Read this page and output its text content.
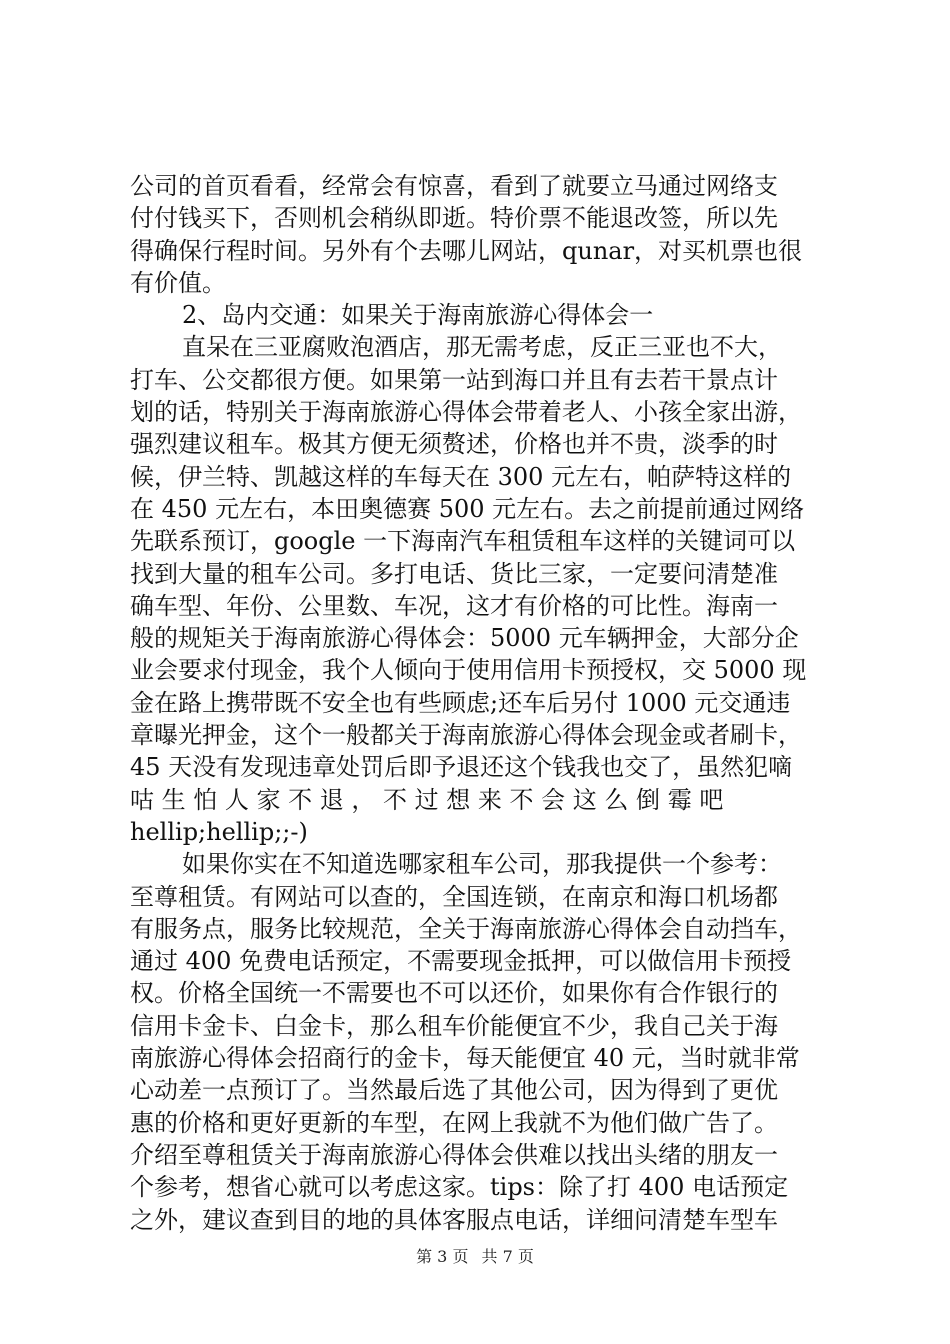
公司的首页看看，经常会有惊喜，看到了就要立马通过网络支
付付钱买下，否则机会稍纵即逝。特价票不能退改签，所以先
得确保行程时间。另外有个去哪儿网站，qunar，对买机票也很
有价值。

2、岛内交通：如果关于海南旅游心得体会一

直呆在三亚腐败泡酒店，那无需考虑，反正三亚也不大，
打车、公交都很方便。如果第一站到海口并且有去若干景点计
划的话，特别关于海南旅游心得体会带着老人、小孩全家出游，
强烈建议租车。极其方便无须赘述，价格也并不贵，淡季的时
候，伊兰特、凯越这样的车每天在 300 元左右，帕萨特这样的
在 450 元左右，本田奥德赛 500 元左右。去之前提前通过网络
先联系预订，google 一下海南汽车租赁租车这样的关键词可以
找到大量的租车公司。多打电话、货比三家，一定要问清楚准
确车型、年份、公里数、车况，这才有价格的可比性。海南一
般的规矩关于海南旅游心得体会：5000 元车辆押金，大部分企
业会要求付现金，我个人倾向于使用信用卡预授权，交 5000 现
金在路上携带既不安全也有些顾虑;还车后另付 1000 元交通违
章曝光押金，这个一般都关于海南旅游心得体会现金或者刷卡，
45 天没有发现违章处罚后即予退还这个钱我也交了，虽然犯嘀
咕 生 怕 人 家 不 退 ， 不 过 想 来 不 会 这 么 倒 霉 吧
hellip;hellip;;-)

如果你实在不知道选哪家租车公司，那我提供一个参考：
至尊租赁。有网站可以查的，全国连锁，在南京和海口机场都
有服务点，服务比较规范，全关于海南旅游心得体会自动挡车，
通过 400 免费电话预定，不需要现金抵押，可以做信用卡预授
权。价格全国统一不需要也不可以还价，如果你有合作银行的
信用卡金卡、白金卡，那么租车价能便宜不少，我自己关于海
南旅游心得体会招商行的金卡，每天能便宜 40 元，当时就非常
心动差一点预订了。当然最后选了其他公司，因为得到了更优
惠的价格和更好更新的车型，在网上我就不为他们做广告了。
介绍至尊租赁关于海南旅游心得体会供难以找出头绪的朋友一
个参考，想省心就可以考虑这家。tips：除了打 400 电话预定
之外，建议查到目的地的具体客服点电话，详细问清楚车型车

第 3 页 共 7 页
